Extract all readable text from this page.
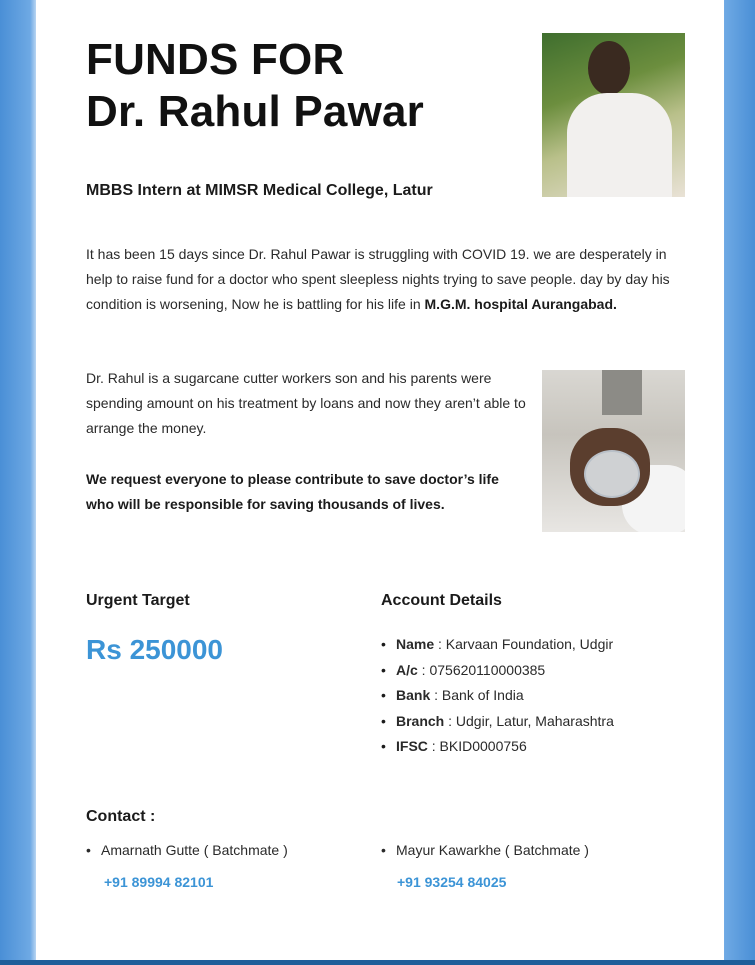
FUNDS FOR
Dr. Rahul Pawar
MBBS Intern at MIMSR Medical College, Latur
It has been 15 days since Dr. Rahul Pawar is struggling with COVID 19. we are desperately in help to raise fund for a doctor who spent sleepless nights trying to save people. day by day his condition is worsening, Now he is battling for his life in M.G.M. hospital Aurangabad.
Dr. Rahul is a sugarcane cutter workers son and his parents were spending amount on his treatment by loans and now they aren’t able to arrange the money.
We request everyone to please contribute to save doctor’s life who will be responsible for saving thousands of lives.
Urgent Target
Rs 250000
Account Details
• Name : Karvaan Foundation, Udgir
• A/c : 075620110000385
• Bank : Bank of India
• Branch : Udgir, Latur, Maharashtra
• IFSC : BKID0000756
Contact :
• Amarnath Gutte ( Batchmate )
+91 89994 82101
• Mayur Kawarkhe ( Batchmate )
+91 93254 84025
